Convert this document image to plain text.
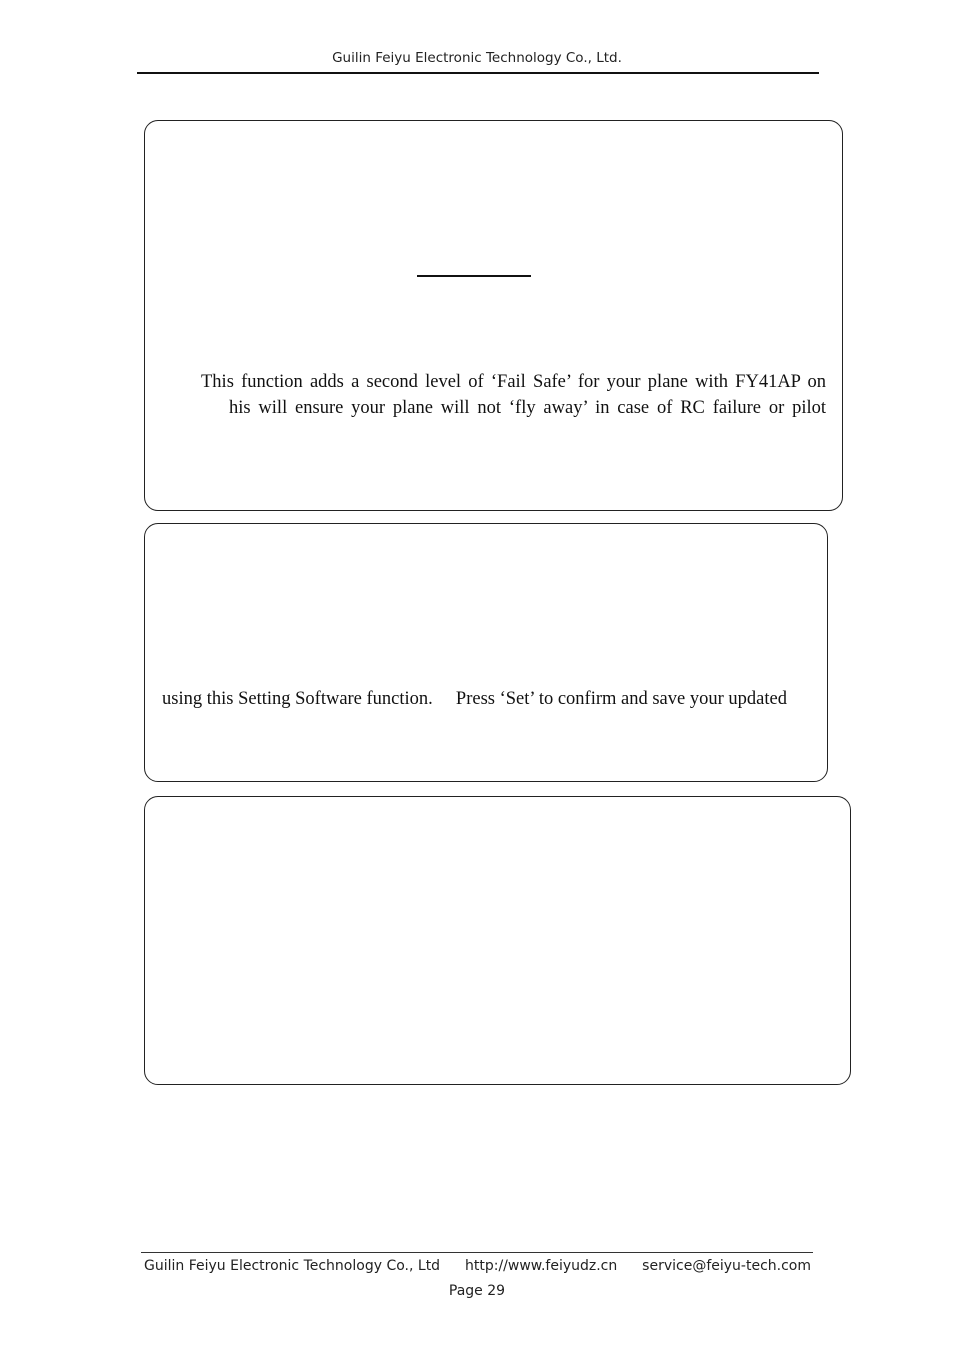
Guilin Feiyu Electronic Technology Co., Ltd.
This function adds a second level of ‘Fail Safe’ for your plane with FY41AP on
his will ensure your plane will not ‘fly away’ in case of RC failure or pilot
using this Setting Software function.  Press ‘Set’ to confirm and save your updated
Guilin Feiyu Electronic Technology Co., Ltd http://www.feiyudz.cn service@feiyu-tech.com
Page 29
